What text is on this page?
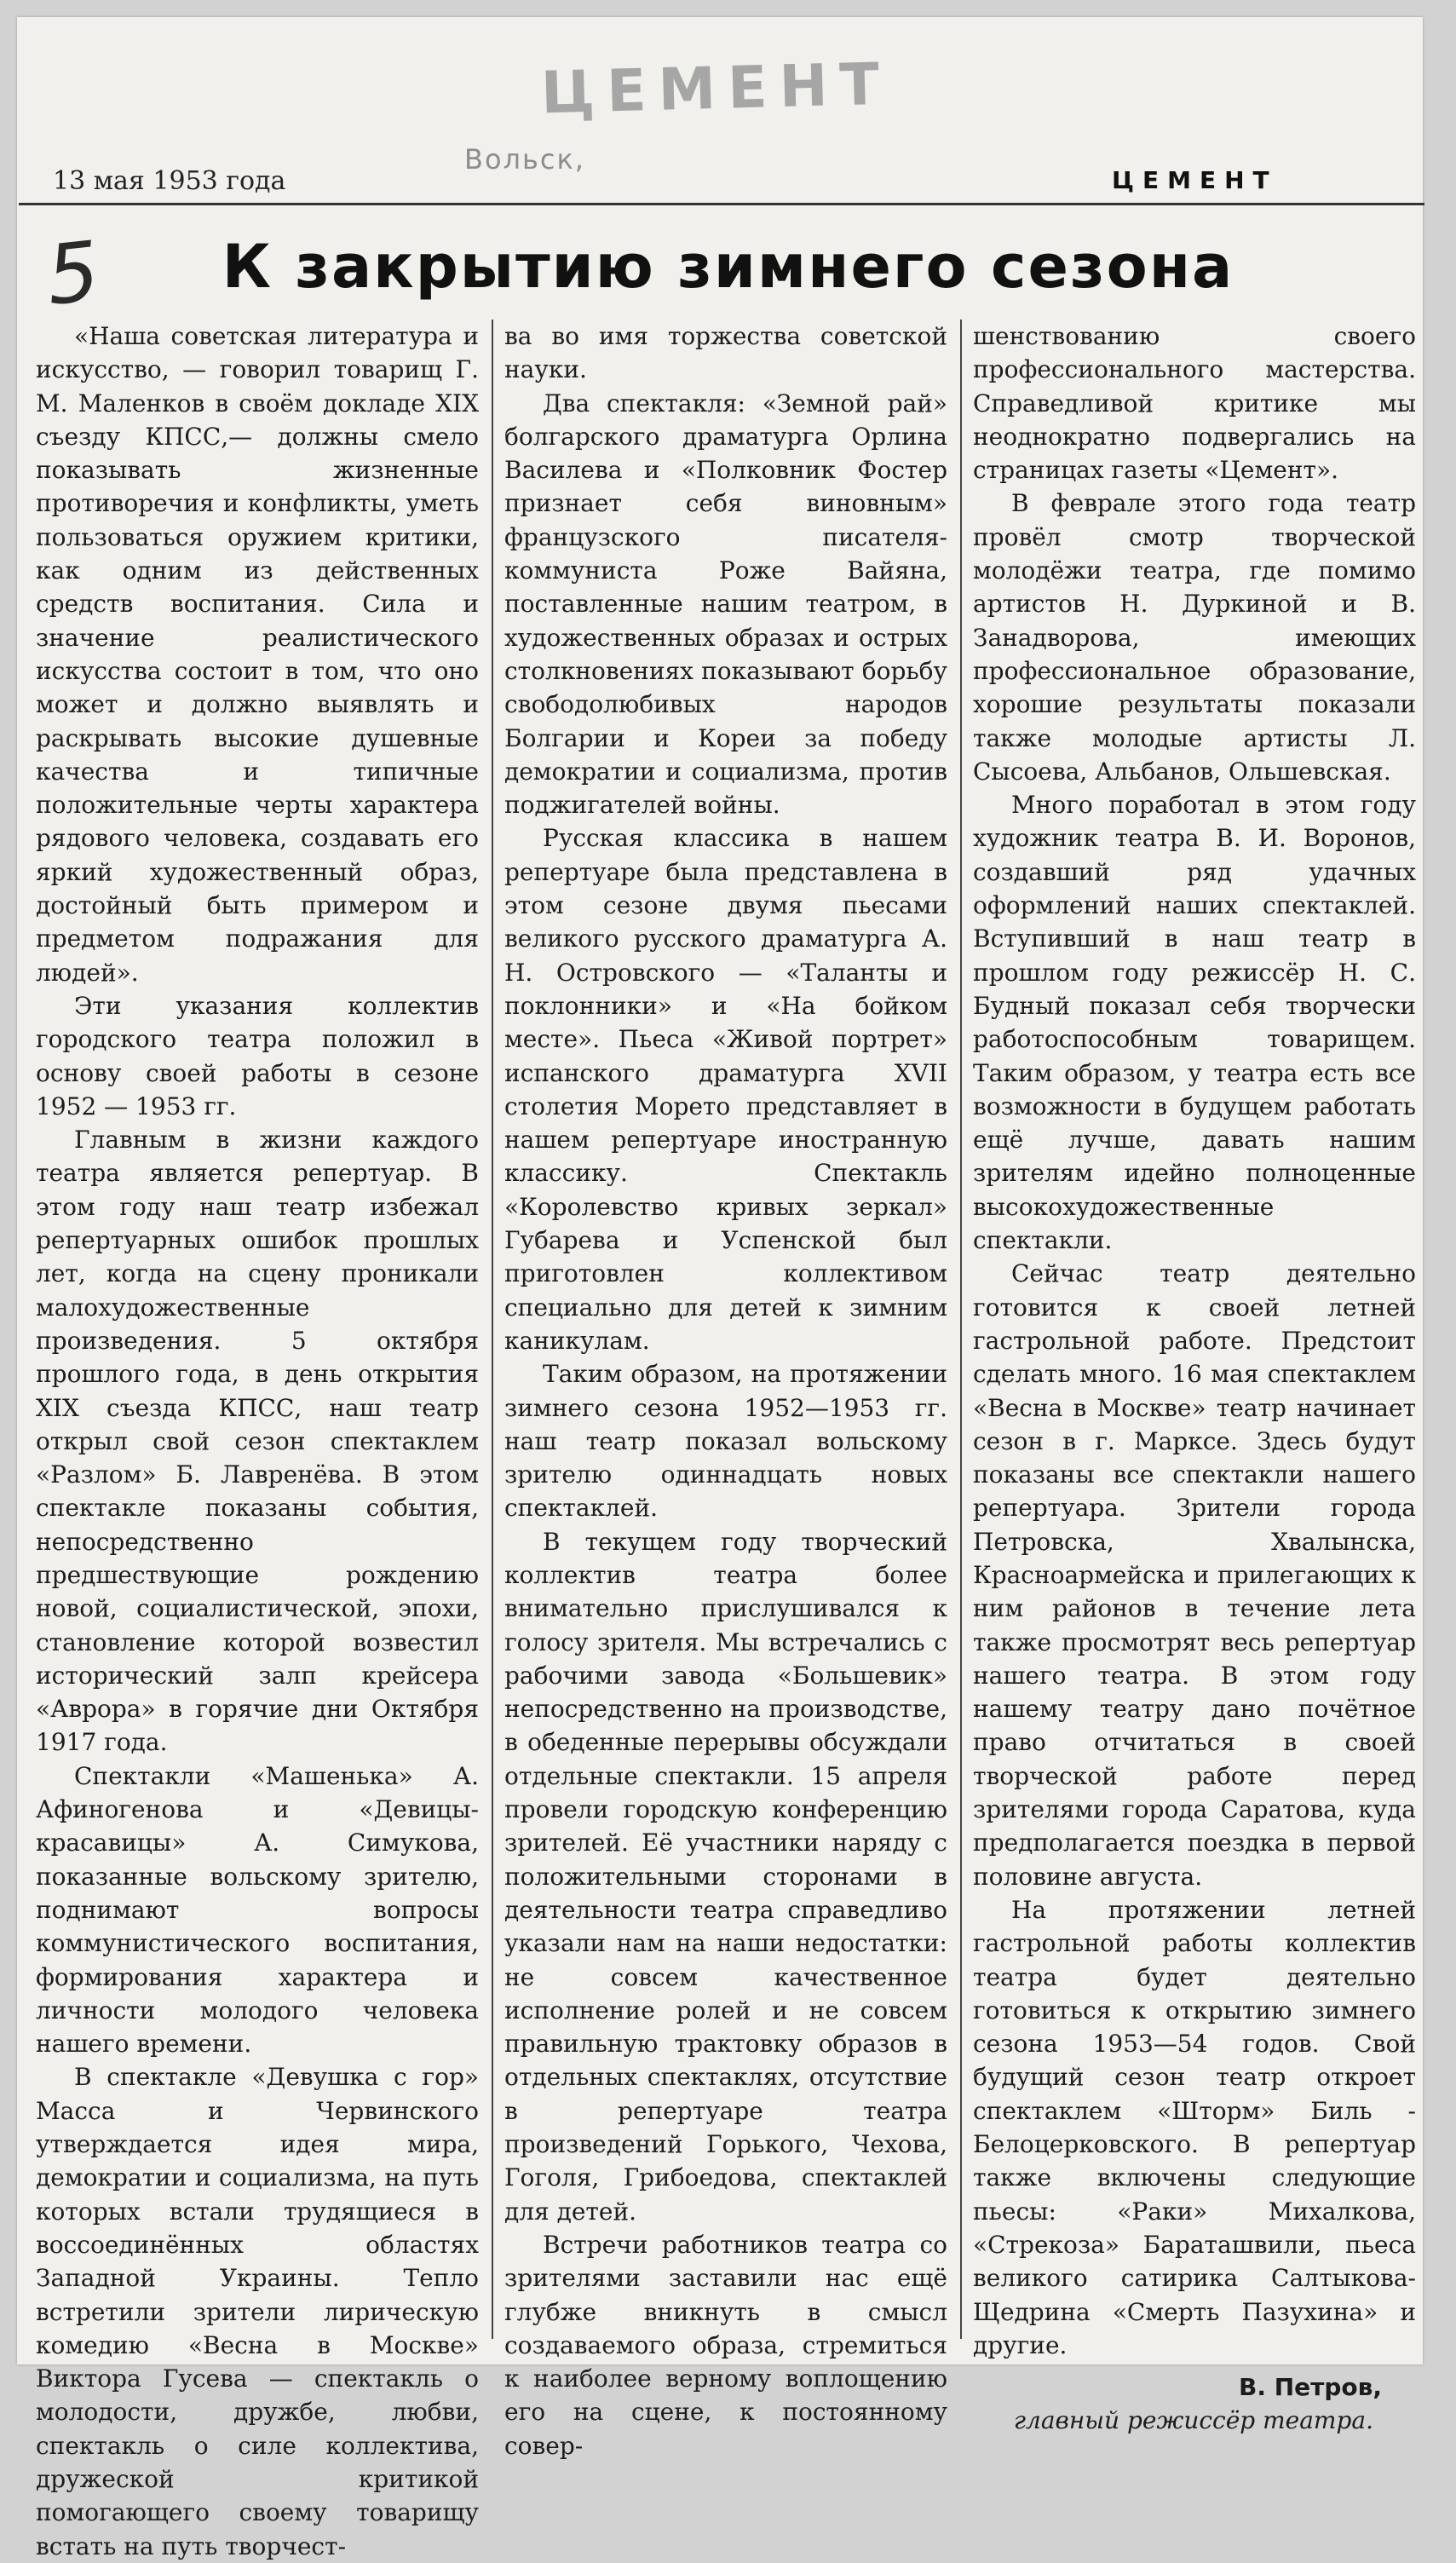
ЦЕМЕНТ
Вольск,
13 мая 1953 года	ЦЕМЕНТ
5	К закрытию зимнего сезона

«Наша советская литература и искусство, — говорил товарищ Г. М. Маленков в своём докладе XIX съезду КПСС,— должны смело показывать жизненные противоречия и конфликты, уметь пользоваться оружием критики, как одним из действенных средств воспитания. Сила и значение реалистического искусства состоит в том, что оно может и должно выявлять и раскрывать высокие душевные качества и типичные положительные черты характера рядового человека, создавать его яркий художественный образ, достойный быть примером и предметом подражания для людей».

Эти указания коллектив городского театра положил в основу своей работы в сезоне 1952 — 1953 гг.

Главным в жизни каждого театра является репертуар. В этом году наш театр избежал репертуарных ошибок прошлых лет, когда на сцену проникали малохудожественные произведения. 5 октября прошлого года, в день открытия XIX съезда КПСС, наш театр открыл свой сезон спектаклем «Разлом» Б. Лавренёва. В этом спектакле показаны события, непосредственно предшествующие рождению новой, социалистической, эпохи, становление которой возвестил исторический залп крейсера «Аврора» в горячие дни Октября 1917 года.

Спектакли «Машенька» А. Афиногенова и «Девицы-красавицы» А. Симукова, показанные вольскому зрителю, поднимают вопросы коммунистического воспитания, формирования характера и личности молодого человека нашего времени.

В спектакле «Девушка с гор» Масса и Червинского утверждается идея мира, демократии и социализма, на путь которых встали трудящиеся в воссоединённых областях Западной Украины. Тепло встретили зрители лирическую комедию «Весна в Москве» Виктора Гусева — спектакль о молодости, дружбе, любви, спектакль о силе коллектива, дружеской критикой помогающего своему товарищу встать на путь творчест-

ва во имя торжества советской науки.

Два спектакля: «Земной рай» болгарского драматурга Орлина Василева и «Полковник Фостер признает себя виновным» французского писателя-коммуниста Роже Вайяна, поставленные нашим театром, в художественных образах и острых столкновениях показывают борьбу свободолюбивых народов Болгарии и Кореи за победу демократии и социализма, против поджигателей войны.

Русская классика в нашем репертуаре была представлена в этом сезоне двумя пьесами великого русского драматурга А. Н. Островского — «Таланты и поклонники» и «На бойком месте». Пьеса «Живой портрет» испанского драматурга XVII столетия Морето представляет в нашем репертуаре иностранную классику. Спектакль «Королевство кривых зеркал» Губарева и Успенской был приготовлен коллективом специально для детей к зимним каникулам.

Таким образом, на протяжении зимнего сезона 1952—1953 гг. наш театр показал вольскому зрителю одиннадцать новых спектаклей.

В текущем году творческий коллектив театра более внимательно прислушивался к голосу зрителя. Мы встречались с рабочими завода «Большевик» непосредственно на производстве, в обеденные перерывы обсуждали отдельные спектакли. 15 апреля провели городскую конференцию зрителей. Её участники наряду с положительными сторонами в деятельности театра справедливо указали нам на наши недостатки: не совсем качественное исполнение ролей и не совсем правильную трактовку образов в отдельных спектаклях, отсутствие в репертуаре театра произведений Горького, Чехова, Гоголя, Грибоедова, спектаклей для детей.

Встречи работников театра со зрителями заставили нас ещё глубже вникнуть в смысл создаваемого образа, стремиться к наиболее верному воплощению его на сцене, к постоянному совер-

шенствованию своего профессионального мастерства. Справедливой критике мы неоднократно подвергались на страницах газеты «Цемент».

В феврале этого года театр провёл смотр творческой молодёжи театра, где помимо артистов Н. Дуркиной и В. Занадворова, имеющих профессиональное образование, хорошие результаты показали также молодые артисты Л. Сысоева, Альбанов, Ольшевская.

Много поработал в этом году художник театра В. И. Воронов, создавший ряд удачных оформлений наших спектаклей. Вступивший в наш театр в прошлом году режиссёр Н. С. Будный показал себя творчески работоспособным товарищем. Таким образом, у театра есть все возможности в будущем работать ещё лучше, давать нашим зрителям идейно полноценные высокохудожественные спектакли.

Сейчас театр деятельно готовится к своей летней гастрольной работе. Предстоит сделать много. 16 мая спектаклем «Весна в Москве» театр начинает сезон в г. Марксе. Здесь будут показаны все спектакли нашего репертуара. Зрители города Петровска, Хвалынска, Красноармейска и прилегающих к ним районов в течение лета также просмотрят весь репертуар нашего театра. В этом году нашему театру дано почётное право отчитаться в своей творческой работе перед зрителями города Саратова, куда предполагается поездка в первой половине августа.

На протяжении летней гастрольной работы коллектив театра будет деятельно готовиться к открытию зимнего сезона 1953—54 годов. Свой будущий сезон театр откроет спектаклем «Шторм» Биль - Белоцерковского. В репертуар также включены следующие пьесы: «Раки» Михалкова, «Стрекоза» Бараташвили, пьеса великого сатирика Салтыкова-Щедрина «Смерть Пазухина» и другие.

В. Петров,
главный режиссёр театра.
